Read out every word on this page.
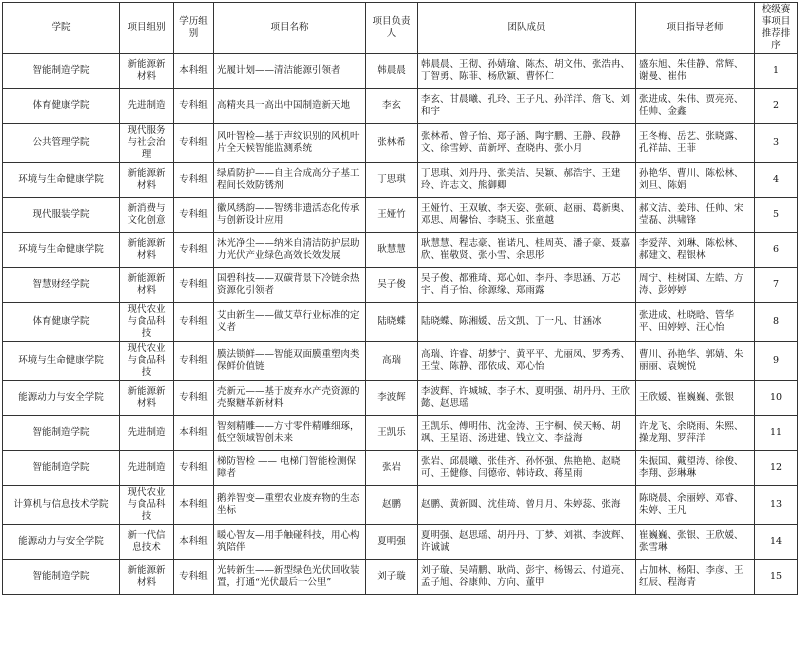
学院	项目组别	学历组别	项目名称	项目负责人	团队成员	项目指导老师	校级赛事项目推荐排序
智能制造学院	新能源新材料	本科组	光履计划——清洁能源引领者	韩晨晨	韩晨晨、王彻、孙婧瑜、陈杰、胡文伟、张浩冉、丁智勇、陈菲、杨欣颖、曹怀仁	盛东旭、朱佳静、常辉、谢曼、崔伟	1
体育健康学院	先进制造	专科组	高精夹具一高出中国制造新天地	李玄	李玄、甘晨曦、孔玲、王子凡、孙洋洋、詹飞、刘和宇	张进成、朱伟、贾亮亮、任帅、金鑫	2
公共管理学院	现代服务与社会治理	专科组	风叶智检—基于声纹识别的风机叶片全天候智能监测系统	张林希	张林希、曾子怡、郑子涵、陶宇鹏、王静、段静文、徐雪婷、苗新坪、查晓冉、张小月	王冬梅、岳艺、张晓露、孔祥喆、王菲	3
环境与生命健康学院	新能源新材料	专科组	绿盾防护——自主合成高分子基工程间长效防锈剂	丁思琪	丁思琪、刘丹丹、张美洁、吴颖、郝浩宇、王建玲、许志文、熊御卿	孙艳华、曹川、陈松林、刘旦、陈娟	4
现代服装学院	新消费与文化创意	专科组	徽风绣韵——智绣非遗活态化传承与创新设计应用	王娅竹	王娅竹、王双敏、李天姿、张硕、赵丽、葛新奥、邓思、周馨怡、李晓玉、张童越	郝文洁、姜玮、任帅、宋莹磊、洪啸锋	5
环境与生命健康学院	新能源新材料	专科组	沐光净尘——纳米自清洁防护层助力光伏产业绿色高效长效发展	耿慧慧	耿慧慧、程志豪、崔诺凡、桂周英、潘子豪、聂嘉欣、崔敬贤、张小雪、余思彤	李爱萍、刘琳、陈松林、郝建文、程银林	6
智慧财经学院	新能源新材料	专科组	国碧科技——双碳背景下冷链余热资源化引领者	吴子俊	吴子俊、都雅琦、郑心如、李丹、李思涵、万芯宇、肖子怡、徐源缘、郑雨露	周宁、桂树国、左皓、方涛、彭婷婷	7
体育健康学院	现代农业与食品科技	专科组	艾由新生——做艾草行业标准的定义者	陆晓蝶	陆晓蝶、陈湘媛、岳文凯、丁一凡、甘涵冰	张进成、杜晓晗、管华平、田婷婷、汪心怡	8
环境与生命健康学院	现代农业与食品科技	专科组	膜法锁鲜——智能双面膜重塑肉类保鲜价值链	高瑞	高瑞、许睿、胡梦宁、黄平平、尤丽凤、罗秀秀、王莹、陈静、邵依成、邓心怡	曹川、孙艳华、郭婧、朱丽丽、袁婉悦	9
能源动力与安全学院	新能源新材料	专科组	壳新元——基于废弃水产壳资源的壳聚糖革新材料	李波辉	李波辉、许城城、李子木、夏明强、胡丹丹、王欣懿、赵思瑶	王欣媛、崔巍巍、张银	10
智能制造学院	先进制造	本科组	智刻精雕——方寸零件精雕细琢，低空领域智创未来	王凯乐	王凯乐、傅明伟、沈金涛、王宇桐、侯天畅、胡飒、王星语、汤进建、钱立文、李益海	许龙飞、余晓雨、朱熙、操龙翔、罗萍洋	11
智能制造学院	先进制造	专科组	梯防智检 —— 电梯门智能检测保障者	张岩	张岩、邱晨曦、张佳齐、孙怀强、焦艳艳、赵晓可、王健修、闫德帝、韩诗政、蒋星雨	朱振国、戴望涛、徐俊、李翔、彭琳琳	12
计算机与信息技术学院	现代农业与食品科技	本科组	鹅养智变—重塑农业废弃物的生态坐标	赵鹏	赵鹏、黄新圆、沈佳琦、曾月月、朱婷蕊、张海	陈晓晨、余丽婷、邓睿、朱婷、王凡	13
能源动力与安全学院	新一代信息技术	本科组	暖心智友—用手触碰科技，用心构筑陪伴	夏明强	夏明强、赵思瑶、胡丹丹、丁梦、刘祺、李波辉、许诚诚	崔巍巍、张银、王欣媛、张雪琳	14
智能制造学院	新能源新材料	专科组	光转新生——新型绿色光伏回收装置，打通“光伏最后一公里”	刘子璇	刘子璇、吴靖鹏、耿尚、彭宇、杨锡云、付道亮、孟子旭、谷康帅、方向、董甲	占加林、杨阳、李彦、王红辰、程海青	15
